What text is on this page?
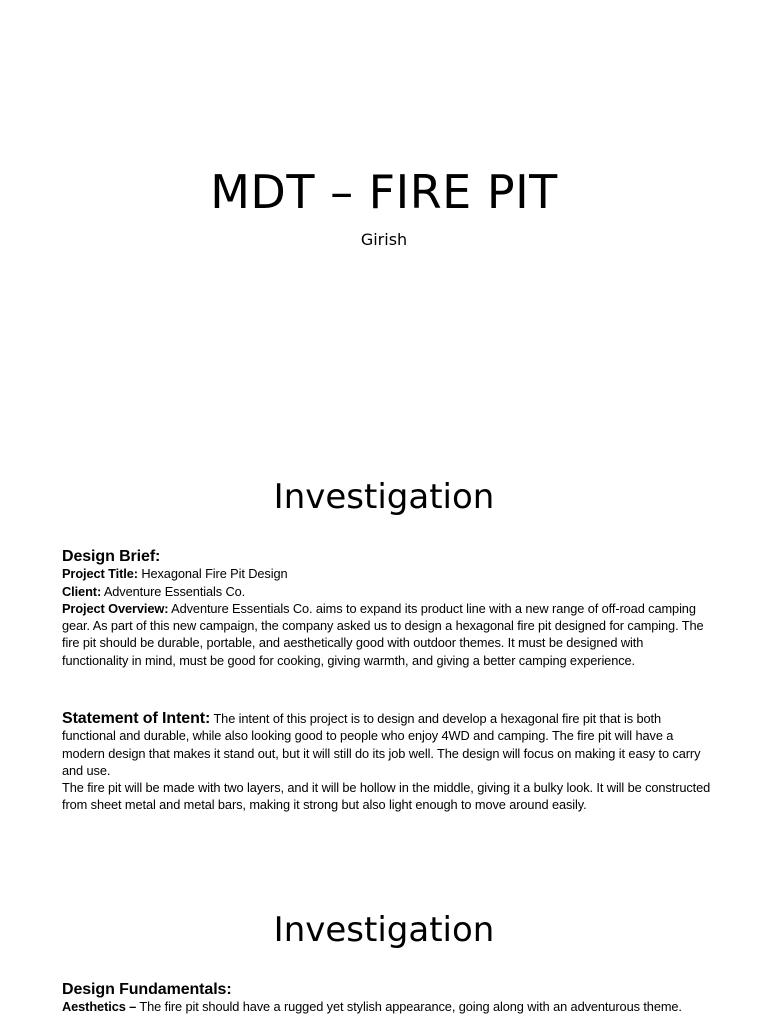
MDT – FIRE PIT
Girish
Investigation

Design Brief:

Project Title: Hexagonal Fire Pit Design

Client: Adventure Essentials Co.

Project Overview: Adventure Essentials Co. aims to expand its product line with a new range of off-road camping gear. As part of this new campaign, the company asked us to design a hexagonal fire pit designed for camping. The fire pit should be durable, portable, and aesthetically good with outdoor themes. It must be designed with functionality in mind, must be good for cooking, giving warmth, and giving a better camping experience.

Statement of Intent: The intent of this project is to design and develop a hexagonal fire pit that is both functional and durable, while also looking good to people who enjoy 4WD and camping. The fire pit will have a modern design that makes it stand out, but it will still do its job well. The design will focus on making it easy to carry and use.

The fire pit will be made with two layers, and it will be hollow in the middle, giving it a bulky look. It will be constructed from sheet metal and metal bars, making it strong but also light enough to move around easily.

Investigation

Design Fundamentals:

Aesthetics – The fire pit should have a rugged yet stylish appearance, going along with an adventurous theme.
